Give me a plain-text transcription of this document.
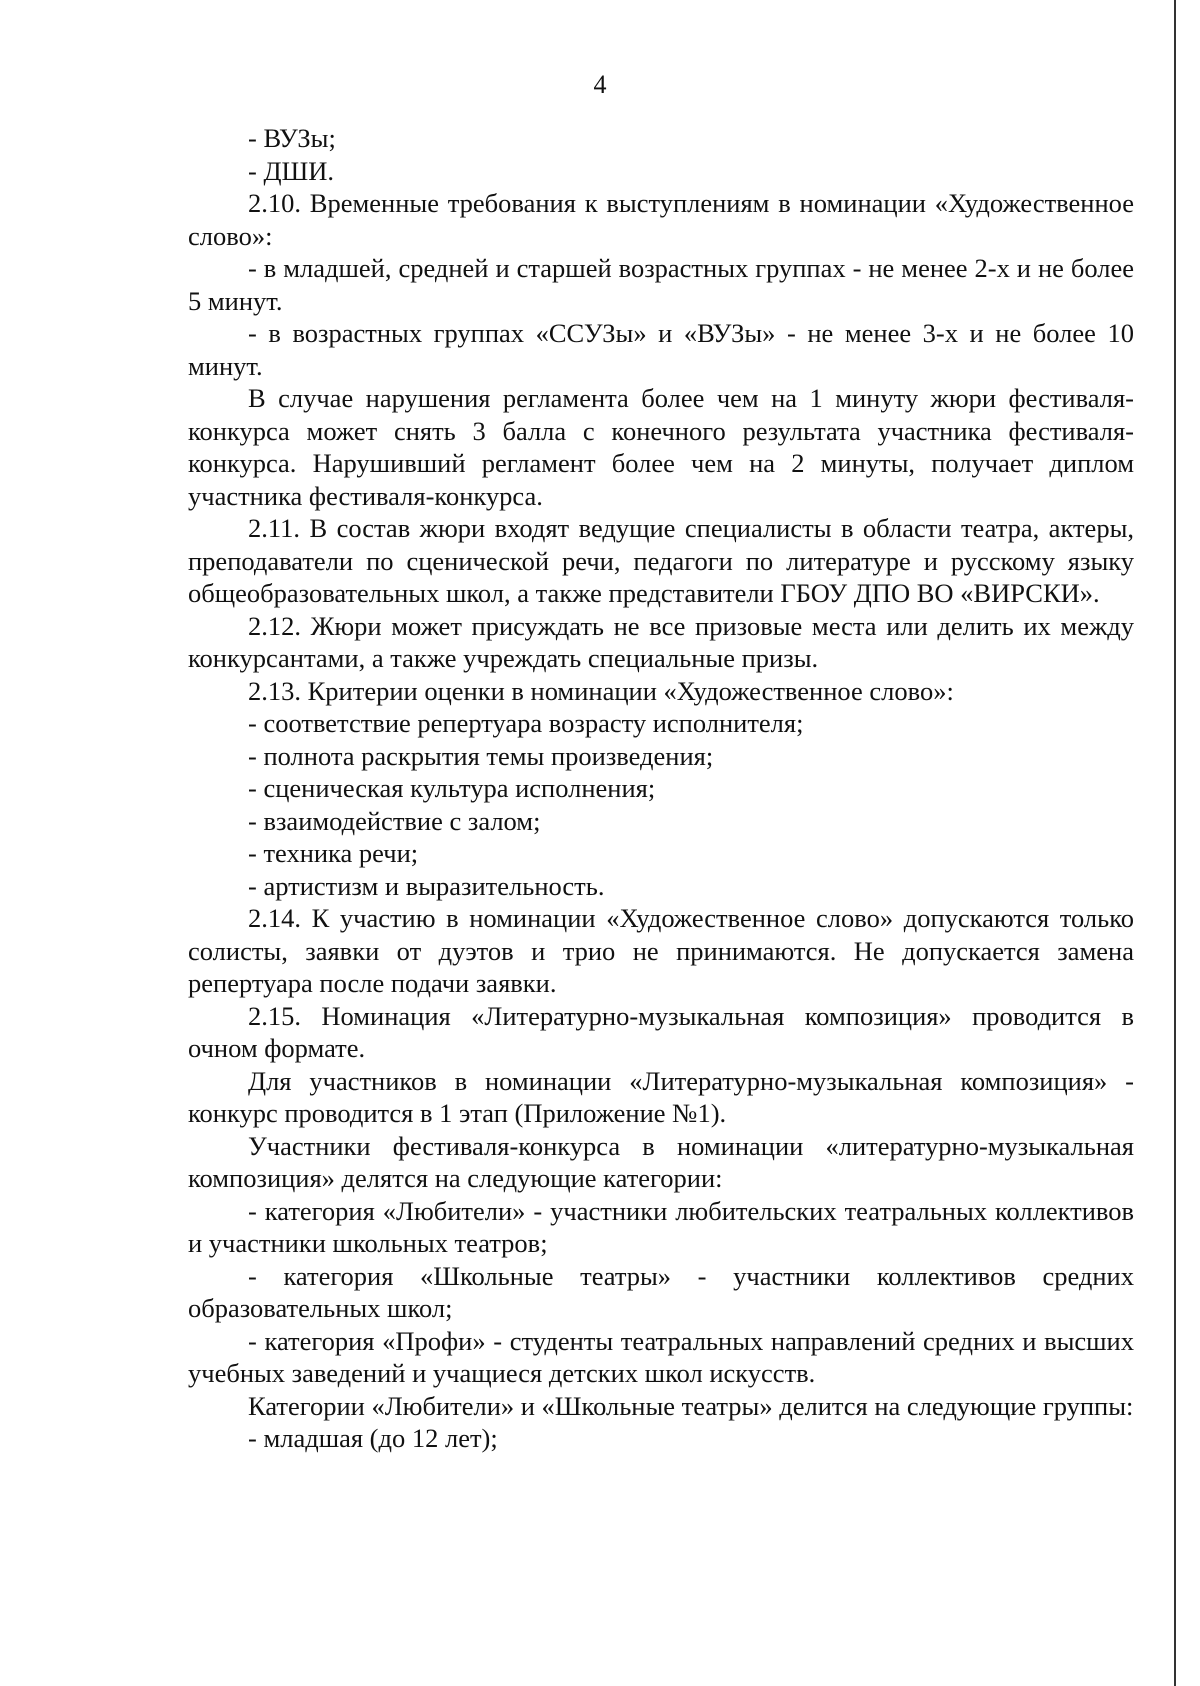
4

- ВУЗы;

- ДШИ.

2.10. Временные требования к выступлениям в номинации «Художественное слово»:

- в младшей, средней и старшей возрастных группах - не менее 2-х и не более 5 минут.

- в возрастных группах «ССУЗы» и «ВУЗы» - не менее 3-х и не более 10 минут.

В случае нарушения регламента более чем на 1 минуту жюри фестиваля-конкурса может снять 3 балла с конечного результата участника фестиваля-конкурса. Нарушивший регламент более чем на 2 минуты, получает диплом участника фестиваля-конкурса.

2.11. В состав жюри входят ведущие специалисты в области театра, актеры, преподаватели по сценической речи, педагоги по литературе и русскому языку общеобразовательных школ, а также представители ГБОУ ДПО ВО «ВИРСКИ».

2.12. Жюри может присуждать не все призовые места или делить их между конкурсантами, а также учреждать специальные призы.

2.13. Критерии оценки в номинации «Художественное слово»:

- соответствие репертуара возрасту исполнителя;

- полнота раскрытия темы произведения;

- сценическая культура исполнения;

- взаимодействие с залом;

- техника речи;

- артистизм и выразительность.

2.14. К участию в номинации «Художественное слово» допускаются только солисты, заявки от дуэтов и трио не принимаются. Не допускается замена репертуара после подачи заявки.

2.15. Номинация «Литературно-музыкальная композиция» проводится в очном формате.

Для участников в номинации «Литературно-музыкальная композиция» - конкурс проводится в 1 этап (Приложение №1).

Участники фестиваля-конкурса в номинации «литературно-музыкальная композиция» делятся на следующие категории:

- категория «Любители» - участники любительских театральных коллективов и участники школьных театров;

- категория «Школьные театры» - участники коллективов средних образовательных школ;

- категория «Профи» - студенты театральных направлений средних и высших учебных заведений и учащиеся детских школ искусств.

Категории «Любители» и «Школьные театры» делится на следующие группы:

- младшая (до 12 лет);
